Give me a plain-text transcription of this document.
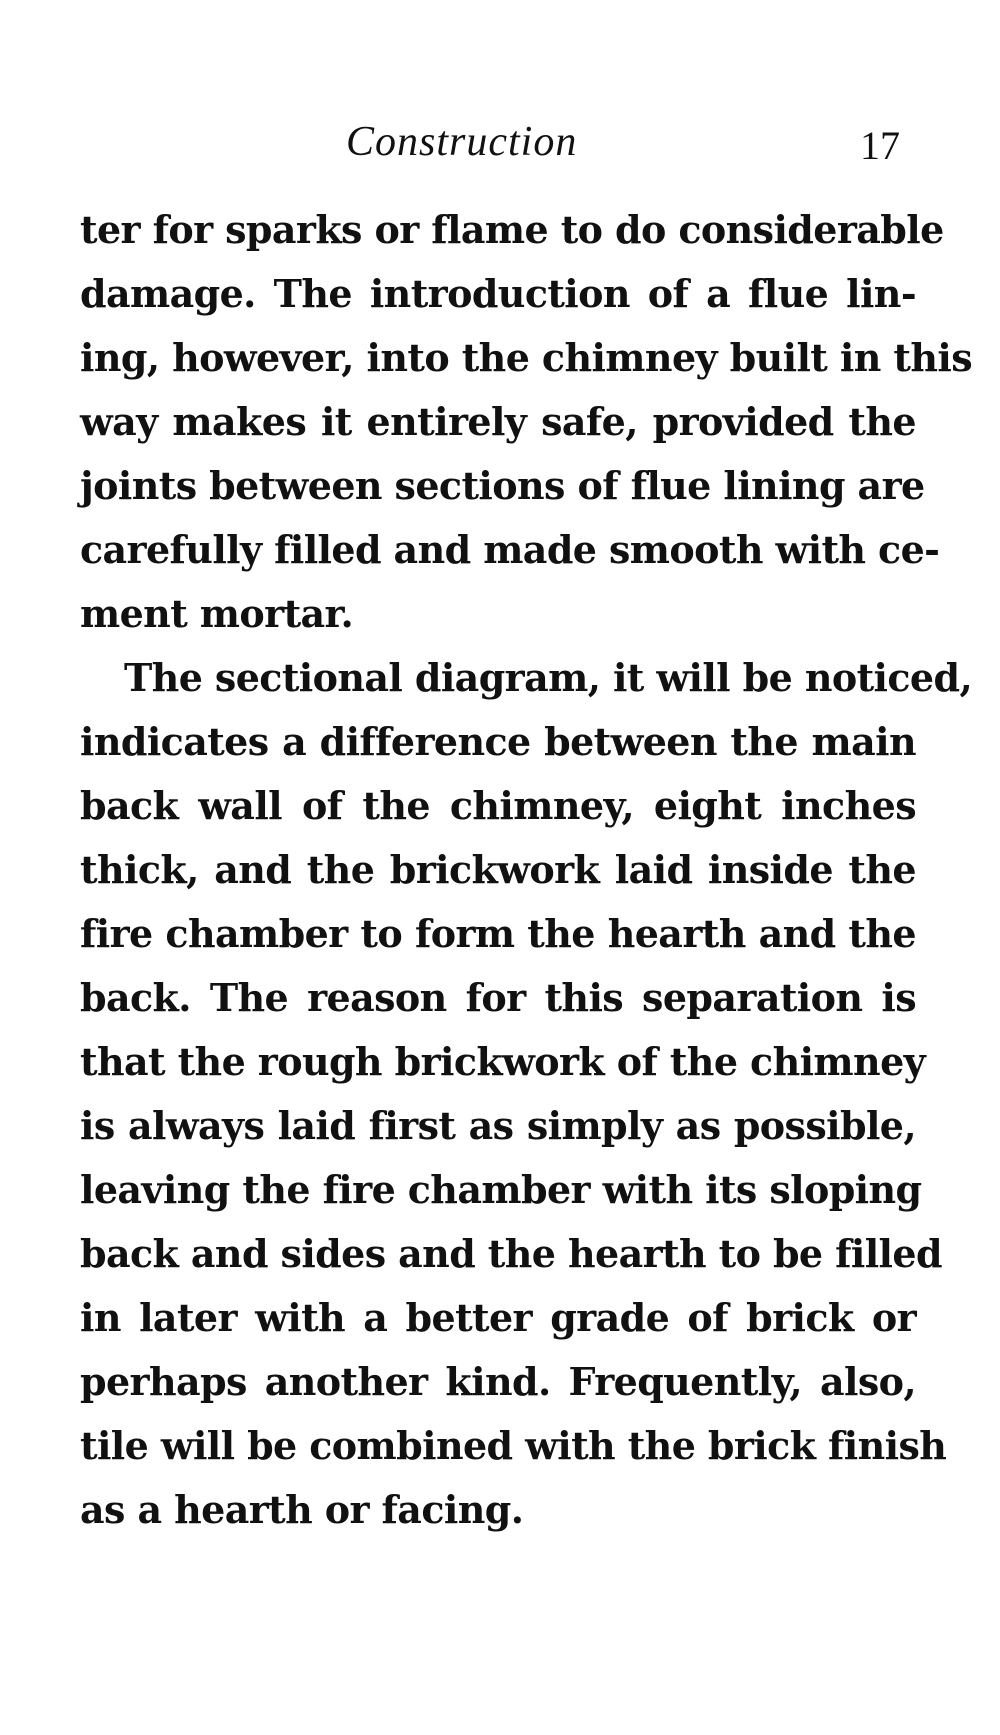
Construction	17
ter for sparks or flame to do considerable
damage. The introduction of a flue lin-
ing, however, into the chimney built in this
way makes it entirely safe, provided the
joints between sections of flue lining are
carefully filled and made smooth with ce-
ment mortar.
The sectional diagram, it will be noticed,
indicates a difference between the main
back wall of the chimney, eight inches
thick, and the brickwork laid inside the
fire chamber to form the hearth and the
back. The reason for this separation is
that the rough brickwork of the chimney
is always laid first as simply as possible,
leaving the fire chamber with its sloping
back and sides and the hearth to be filled
in later with a better grade of brick or
perhaps another kind. Frequently, also,
tile will be combined with the brick finish
as a hearth or facing.
